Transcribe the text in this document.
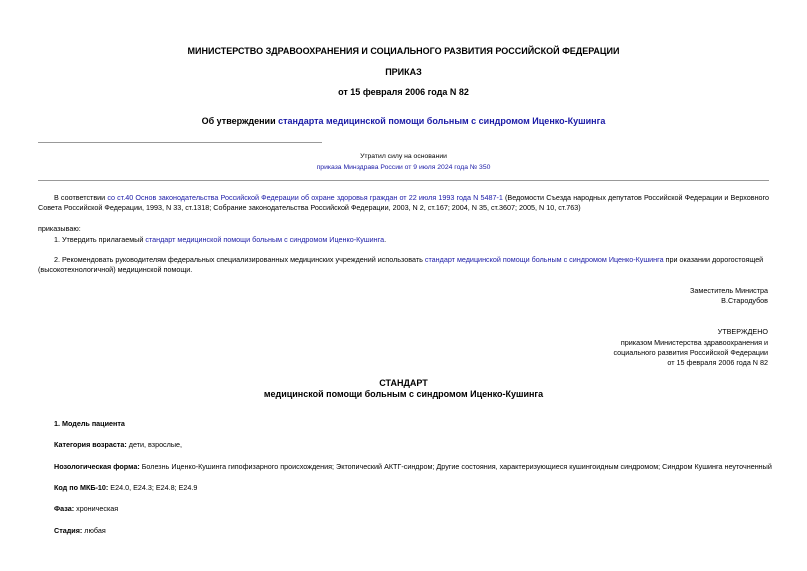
МИНИСТЕРСТВО ЗДРАВООХРАНЕНИЯ И СОЦИАЛЬНОГО РАЗВИТИЯ РОССИЙСКОЙ ФЕДЕРАЦИИ
ПРИКАЗ
от 15 февраля 2006 года N 82
Об утверждении стандарта медицинской помощи больным с синдромом Иценко-Кушинга
Утратил силу на основании
приказа Минздрава России от 9 июля 2024 года № 350
В соответствии со ст.40 Основ законодательства Российской Федерации об охране здоровья граждан от 22 июля 1993 года N 5487-1 (Ведомости Съезда народных депутатов Российской Федерации и Верховного Совета Российской Федерации, 1993, N 33, ст.1318; Собрание законодательства Российской Федерации, 2003, N 2, ст.167; 2004, N 35, ст.3607; 2005, N 10, ст.763)
приказываю:
1. Утвердить прилагаемый стандарт медицинской помощи больным с синдромом Иценко-Кушинга.
2. Рекомендовать руководителям федеральных специализированных медицинских учреждений использовать стандарт медицинской помощи больным с синдромом Иценко-Кушинга при оказании дорогостоящей (высокотехнологичной) медицинской помощи.
Заместитель Министра
В.Стародубов
УТВЕРЖДЕНО
приказом Министерства здравоохранения и
социального развития Российской Федерации
от 15 февраля 2006 года N 82
СТАНДАРТ
медицинской помощи больным с синдромом Иценко-Кушинга
1. Модель пациента
Категория возраста: дети, взрослые,
Нозологическая форма: Болезнь Иценко-Кушинга гипофизарного происхождения; Эктопический АКТГ-синдром; Другие состояния, характеризующиеся кушингоидным синдромом; Синдром Кушинга неуточненный
Код по МКБ-10: E24.0, E24.3; E24.8; E24.9
Фаза: хроническая
Стадия: любая
